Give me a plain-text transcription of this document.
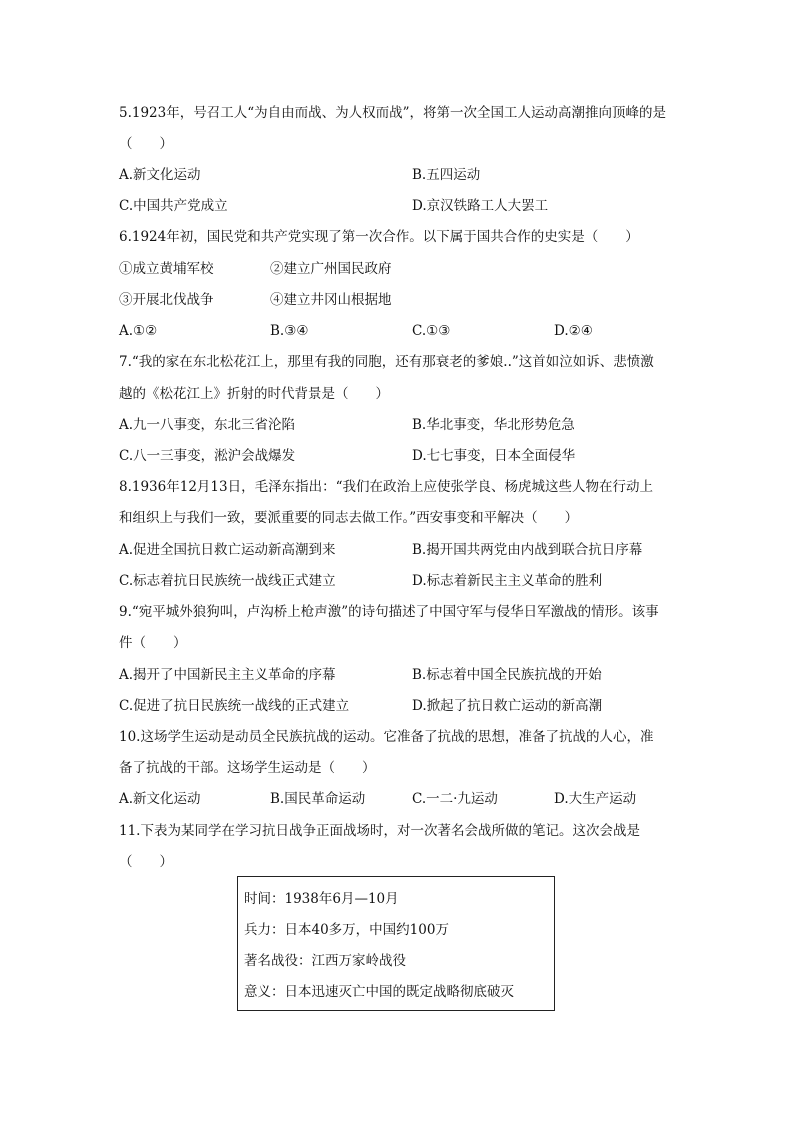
5.1923年，号召工人“为自由而战、为人权而战”，将第一次全国工人运动高潮推向顶峰的是
（　　）
A.新文化运动	B.五四运动
C.中国共产党成立	D.京汉铁路工人大罢工
6.1924年初，国民党和共产党实现了第一次合作。以下属于国共合作的史实是（　　）
①成立黄埔军校	②建立广州国民政府
③开展北伐战争	④建立井冈山根据地
A.①②	B.③④	C.①③	D.②④
7.“我的家在东北松花江上，那里有我的同胞，还有那衰老的爹娘..”这首如泣如诉、悲愤激
越的《松花江上》折射的时代背景是（　　）
A.九一八事变，东北三省沦陷	B.华北事变，华北形势危急
C.八一三事变，淞沪会战爆发	D.七七事变，日本全面侵华
8.1936年12月13日，毛泽东指出：“我们在政治上应使张学良、杨虎城这些人物在行动上
和组织上与我们一致，要派重要的同志去做工作。”西安事变和平解决（　　）
A.促进全国抗日救亡运动新高潮到来	B.揭开国共两党由内战到联合抗日序幕
C.标志着抗日民族统一战线正式建立	D.标志着新民主主义革命的胜利
9.“宛平城外狼狗叫，卢沟桥上枪声激”的诗句描述了中国守军与侵华日军激战的情形。该事
件（　　）
A.揭开了中国新民主主义革命的序幕	B.标志着中国全民族抗战的开始
C.促进了抗日民族统一战线的正式建立	D.掀起了抗日救亡运动的新高潮
10.这场学生运动是动员全民族抗战的运动。它准备了抗战的思想，准备了抗战的人心，准
备了抗战的干部。这场学生运动是（　　）
A.新文化运动	B.国民革命运动	C.一二·九运动	D.大生产运动
11.下表为某同学在学习抗日战争正面战场时，对一次著名会战所做的笔记。这次会战是
（　　）
时间：1938年6月—10月
兵力：日本40多万，中国约100万
著名战役：江西万家岭战役
意义：日本迅速灭亡中国的既定战略彻底破灭
